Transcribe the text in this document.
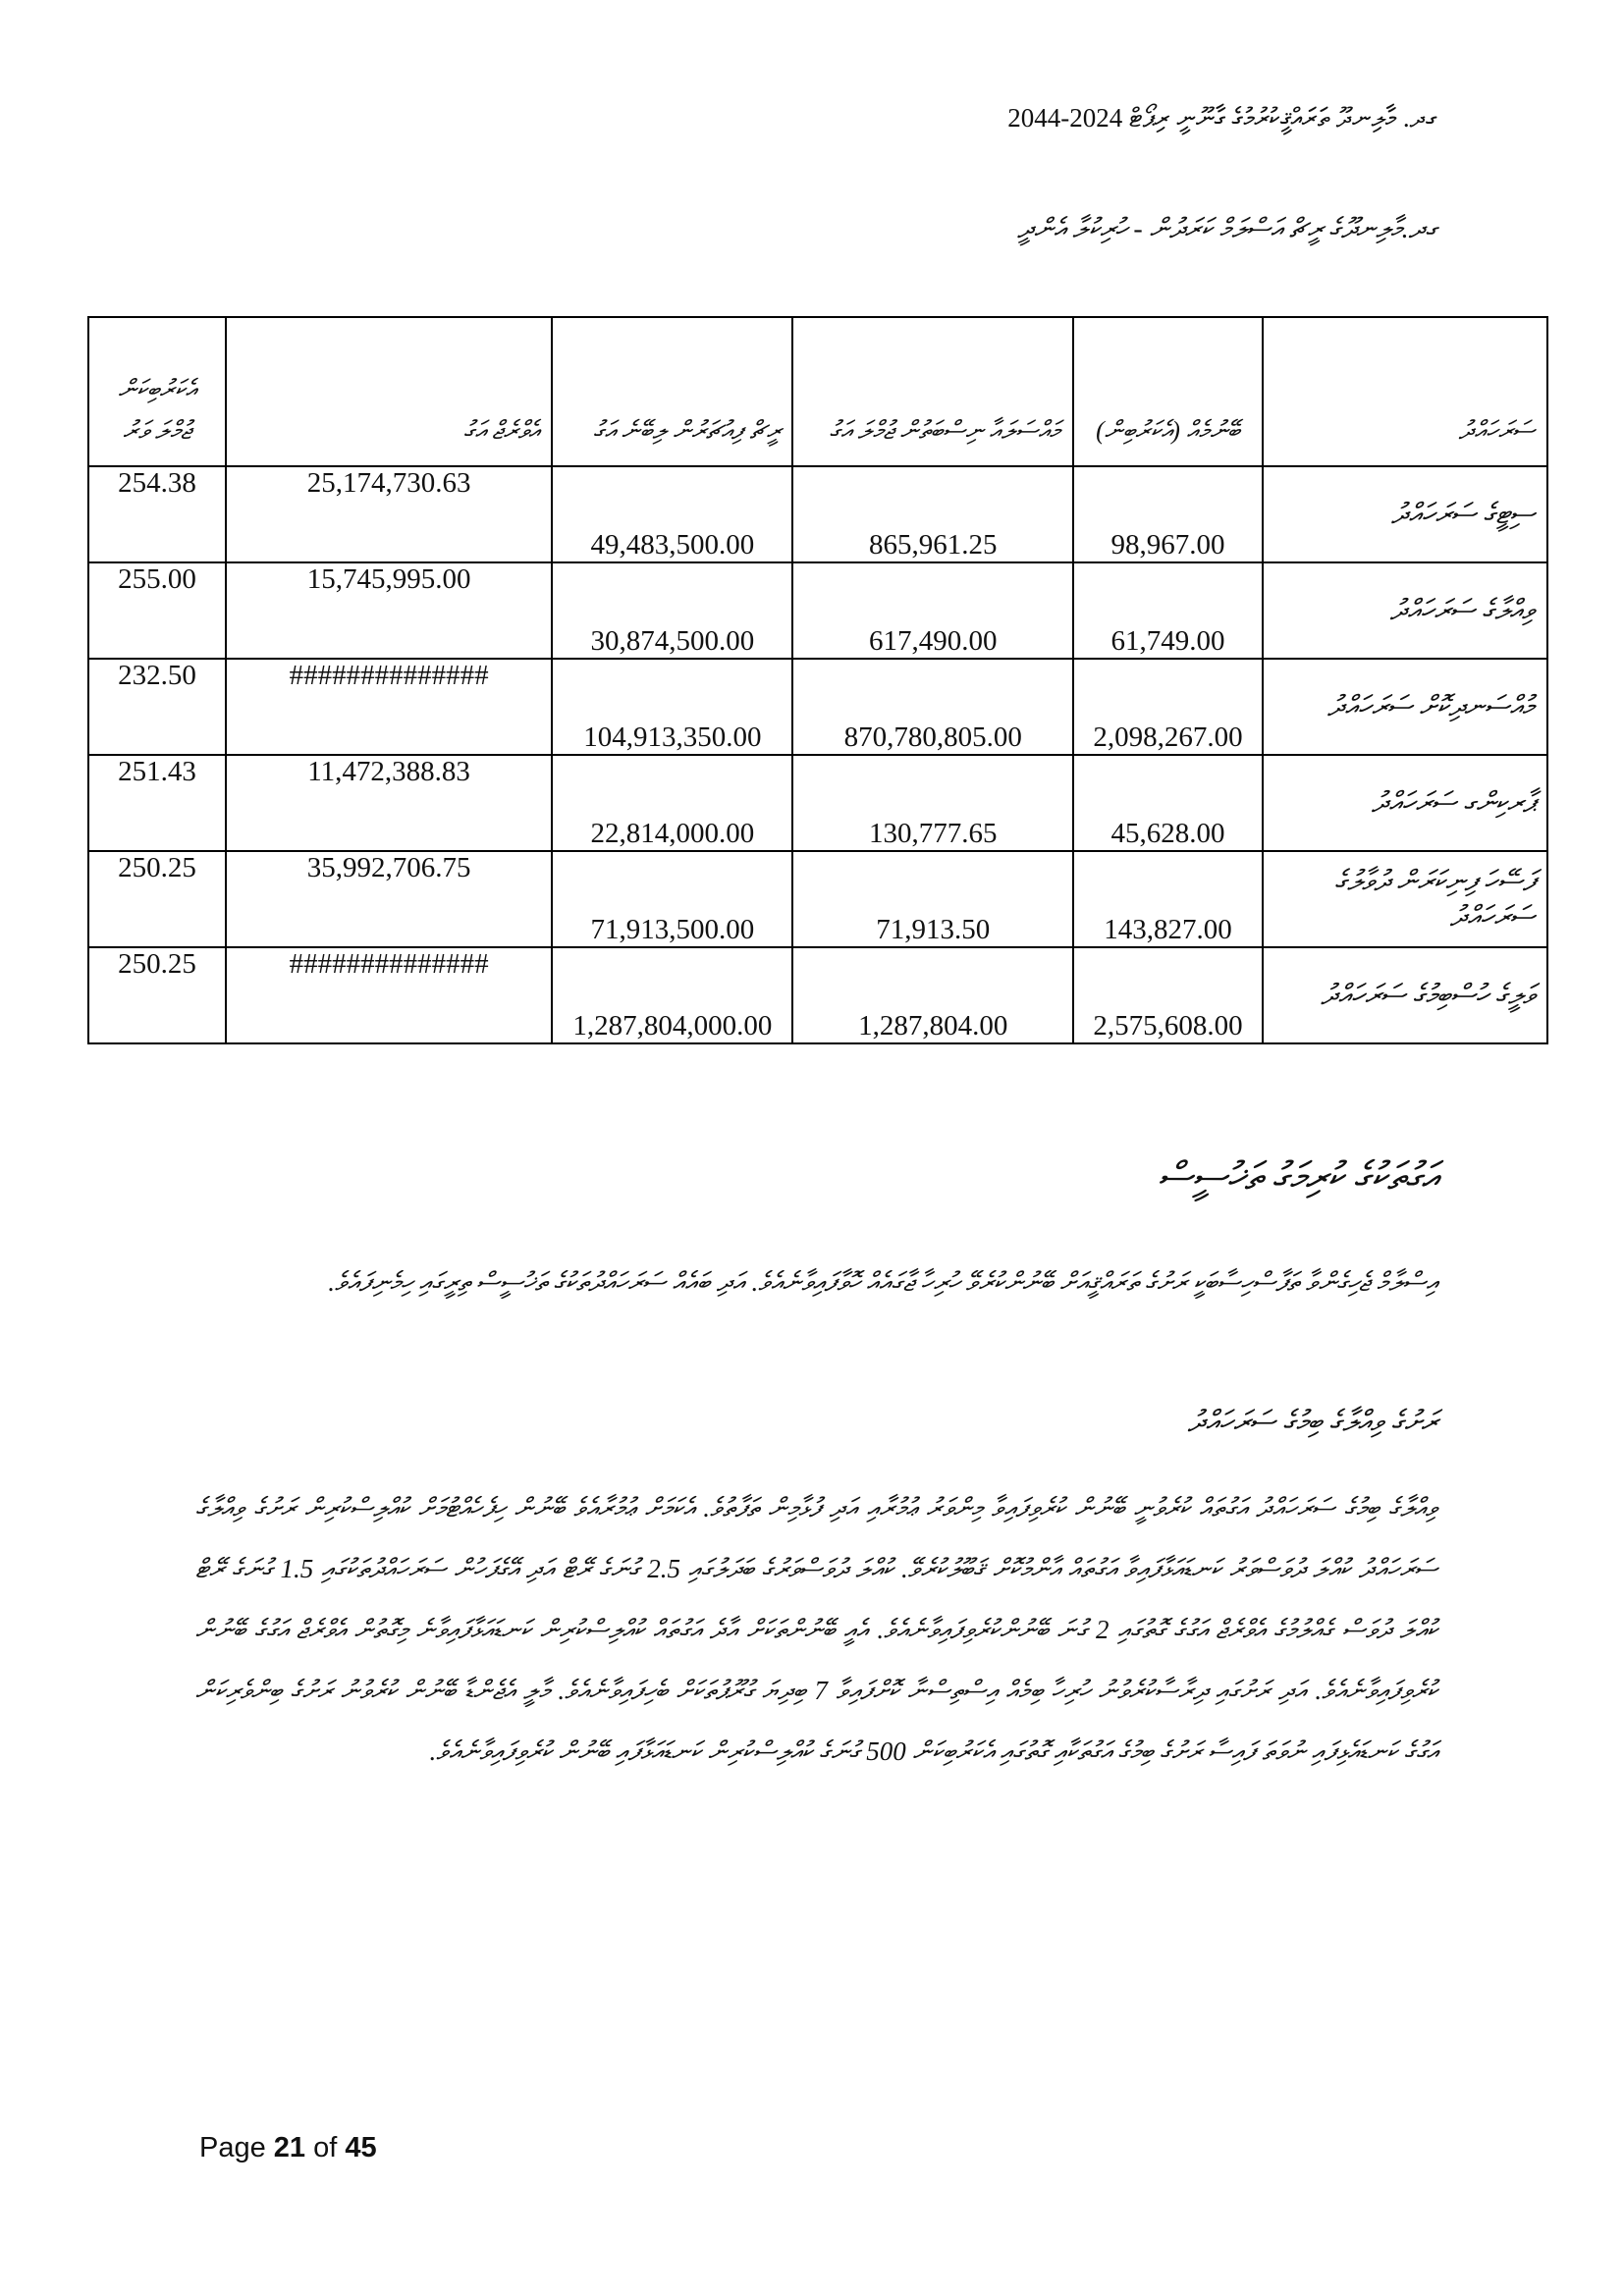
ގދ. މާލިނދޫ ތަރައްޤީކުރުމުގެ ގާނޫނީ ރިޕޯޓް 2024-2044
ގދ.މާލިނދޫގެ ރީޗް އަސްލަމް ކަރަދުން - ހުރިކުލާ އެންދީ
އެކަރުބިކަން ޖުމްލަ ވަރު	އެވްރެޖް އަގު	ރީޗް ފިއުޗަރުން ލިބޭނެ އަގު	މައްސަލައާ ނިސްބަތުން ޖުމްލަ އަގު	ބޭނުމެއް (އެކަރުބިން)	ސަރަހައްދު

254.38	25,174,730.63	49,483,500.00	865,961.25	98,967.00	ސިޓީގެ ސަރަހައްދު
255.00	15,745,995.00	30,874,500.00	617,490.00	61,749.00	ވިއްލާގެ ސަރަހައްދު
232.50	##############	104,913,350.00	870,780,805.00	2,098,267.00	މުއްސަނދިކޮށް ސަރަހައްދު
251.43	11,472,388.83	22,814,000.00	130,777.65	45,628.00	ޕާރކިންގ ސަރަހައްދު
250.25	35,992,706.75	71,913,500.00	71,913.50	143,827.00	ފަސޭހަ ފިނިކަރަން ދުވާލުގެ ސަރަހައްދު
250.25	##############	1,287,804,000.00	1,287,804.00	2,575,608.00	ވަލީގެ ހުސްބިމުގެ ސަރަހައްދު
އަގުތަކުގެ ކުރިމަގު ތަޚުސީސް
އިސްލާމް ޖެހިގެންވާ ތަފާސްހިސާބަކީ ރަށުގެ ތަރައްޤީއަށް ބޭނުންކުރެވޭ ހުރިހާ ޖާގައެއް ހޮވާފައިވާނެއެވެ. އަދި ބައެއް ސަރަހައްދުތަކުގެ ތަޚުސީސް ތިރީގައި ހިމެނިފައެވެ.
ރަށުގެ ވިއްލާގެ ބިމުގެ ސަރަހައްދު
ވިއްލާގެ ބިމުގެ ސަރަހައްދު އަގުތައް ކުރެވުނީ ބޭނުން ކުރެވިފައިވާ މިންވަރު ޢުމުރާއި އަދި ފުޅާމިން ތަފާތުވެ. އެކަމަށް ޢުމުރާއެވެ ބޭނުން ހިފެހެއްޓުމަށް ކުއްލިސްކުރިން ރަށުގެ ވިއްލާގެ ސަރަހައްދު ކުއްލަ ދުވަސްވަރު ކަނޑައަޅާފައިވާ އަގުތައް އާންމުކޮށް ޤަބޫލުކުރެވޭ. ކުއްލަ ދުވަސްވަރުގެ ބަދަލުގައި 2.5 ގުނަގެ ރޭޓް އަދި އޭގެފަހުން ސަރަހައްދުތަކުގައި 1.5 ގުނަގެ ރޭޓް ކުއްލަ ދުވަސް ގެއްލުމުގެ އެވްރެޖް އަގުގެ ގޮތުގައި 2 ގުނަ ބޭނުންކުރެވިފައިވާނެއެވެ. އެއީ ބޭނުންތަކަށް އާދެ އަގުތައް ކުއްލިސްކުރިން ކަނޑައަޅާފައިވާނެ މިގޮތުން އެވްރެޖް އަގުގެ ބޭނުން ކުރެވިފައިވާނެއެވެ. އަދި ރަށުގައި ދިރާސާކުރެވުނު ހުރިހާ ބިމެއް އިސްތިސްނާ ކޮށްފައިވާ 7 ބިދިޔަ ގުރޫޕުތަކަށް ބެހިފައިވާނެއެވެ. މާލީ އެޖެންޑާ ބޭނުން ކުރެވުނު ރަށުގެ ބިންވެރިކަން އަގުގެ ކަނޑައެޅިފައި ނުވަތަ ފައިސާ ރަށުގެ ބިމުގެ އަގުތަކާއި ގޮތުގައި އެކަރުބިކަން 500 ގުނަގެ ކުއްލިސްކުރިން ކަނޑައަޅާފައި ބޭނުން ކުރެވިފައިވާނެއެވެ.
Page 21 of 45
